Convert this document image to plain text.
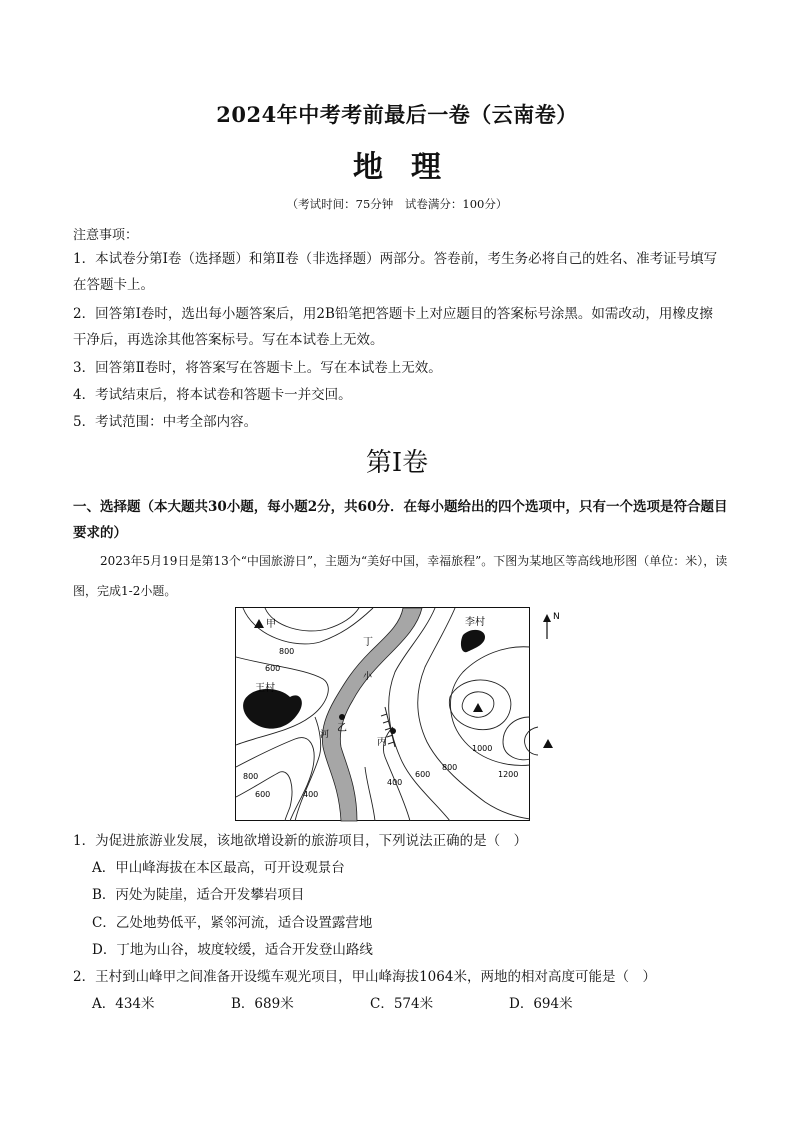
2024年中考考前最后一卷（云南卷）
地理
（考试时间：75分钟 试卷满分：100分）
注意事项：
1．本试卷分第Ⅰ卷（选择题）和第Ⅱ卷（非选择题）两部分。答卷前，考生务必将自己的姓名、准考证号填写在答题卡上。
2．回答第Ⅰ卷时，选出每小题答案后，用2B铅笔把答题卡上对应题目的答案标号涂黑。如需改动，用橡皮擦干净后，再选涂其他答案标号。写在本试卷上无效。
3．回答第Ⅱ卷时，将答案写在答题卡上。写在本试卷上无效。
4．考试结束后，将本试卷和答题卡一并交回。
5．考试范围：中考全部内容。
第Ⅰ卷
一、选择题（本大题共30小题，每小题2分，共60分．在每小题给出的四个选项中，只有一个选项是符合题目要求的）
2023年5月19日是第13个“中国旅游日”，主题为“美好中国，幸福旅程”。下图为某地区等高线地形图（单位：米），读图，完成1-2小题。
甲	李村	N
丁
小
河
乙
丙
王村
800
600
1000
800
1200
800
600	400
600
400
1．为促进旅游业发展，该地欲增设新的旅游项目，下列说法正确的是（　）
A．甲山峰海拔在本区最高，可开设观景台
B．丙处为陡崖，适合开发攀岩项目
C．乙处地势低平，紧邻河流，适合设置露营地
D．丁地为山谷，坡度较缓，适合开发登山路线
2．王村到山峰甲之间准备开设缆车观光项目，甲山峰海拔1064米，两地的相对高度可能是（　）
A．434米	B．689米	C．574米	D．694米
